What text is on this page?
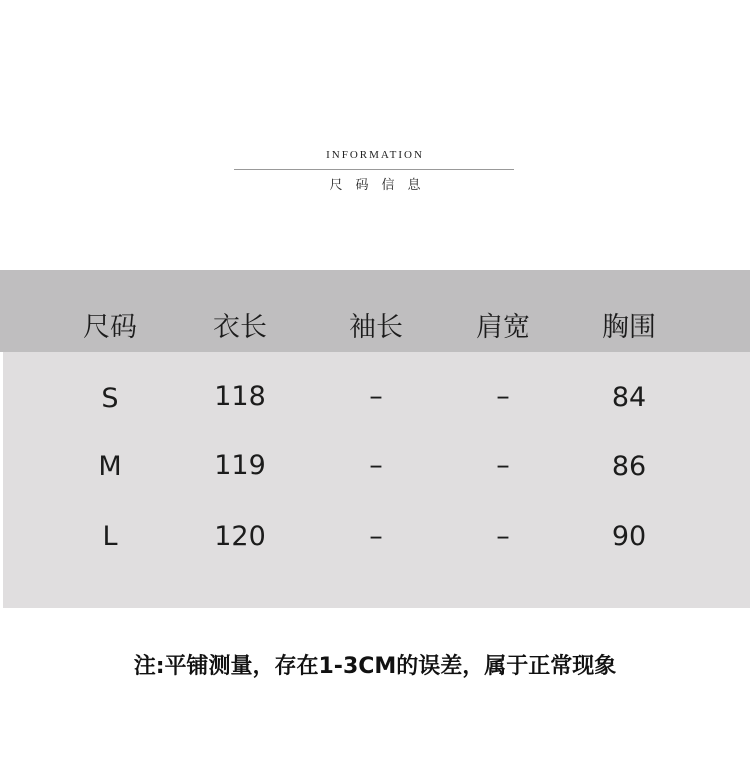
INFORMATION
尺码信息
尺码	衣长	袖长	肩宽	胸围
S	118	–	–	84
M	119	–	–	86
L	120	–	–	90
注:平铺测量，存在1-3CM的误差，属于正常现象
